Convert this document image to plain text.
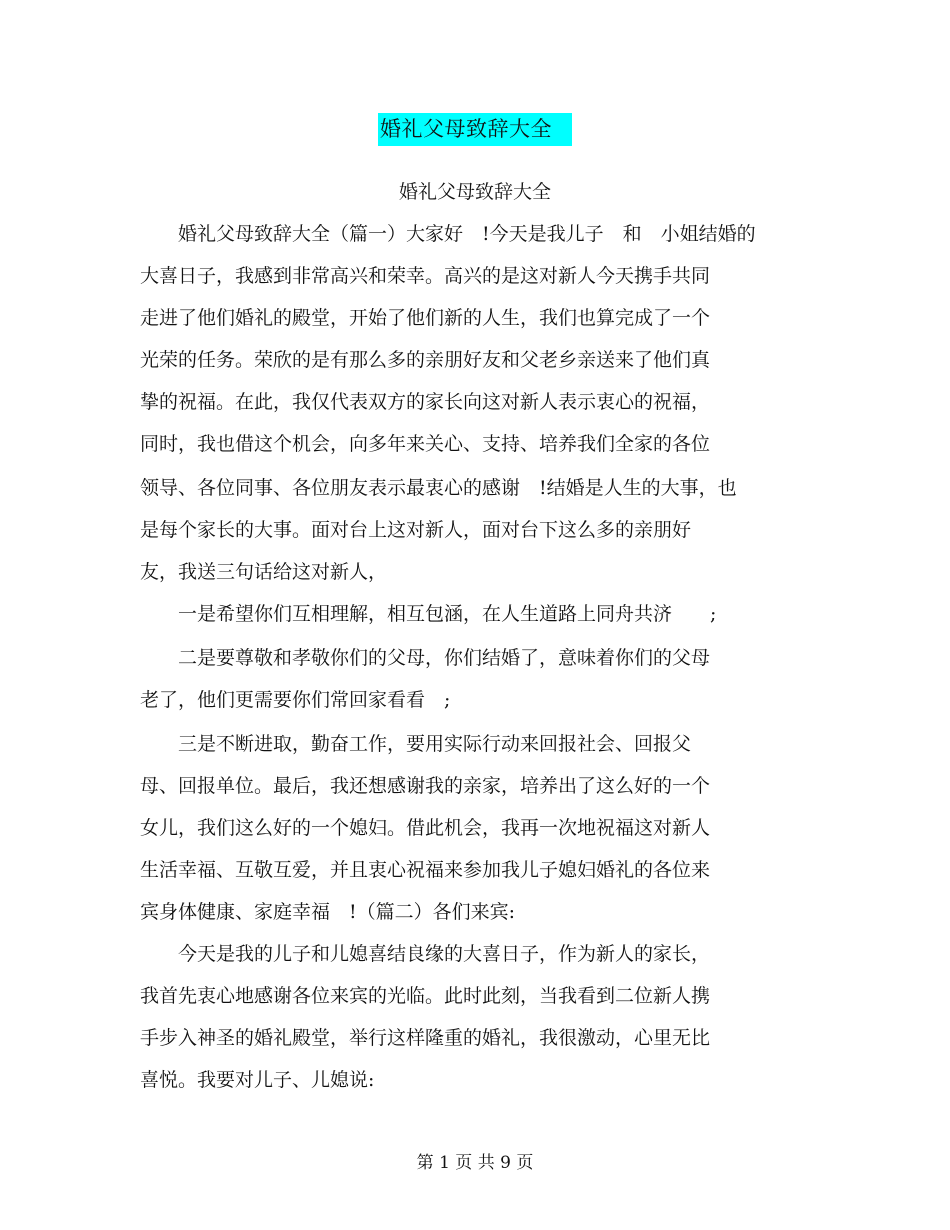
婚礼父母致辞大全
婚礼父母致辞大全
　　婚礼父母致辞大全（篇一）大家好　!今天是我儿子　和　小姐结婚的
大喜日子，我感到非常高兴和荣幸。高兴的是这对新人今天携手共同
走进了他们婚礼的殿堂，开始了他们新的人生，我们也算完成了一个
光荣的任务。荣欣的是有那么多的亲朋好友和父老乡亲送来了他们真
挚的祝福。在此，我仅代表双方的家长向这对新人表示衷心的祝福，
同时，我也借这个机会，向多年来关心、支持、培养我们全家的各位
领导、各位同事、各位朋友表示最衷心的感谢　!结婚是人生的大事，也
是每个家长的大事。面对台上这对新人，面对台下这么多的亲朋好
友，我送三句话给这对新人，
　　一是希望你们互相理解，相互包涵，在人生道路上同舟共济　　;
　　二是要尊敬和孝敬你们的父母，你们结婚了，意味着你们的父母
老了，他们更需要你们常回家看看　;
　　三是不断进取，勤奋工作，要用实际行动来回报社会、回报父
母、回报单位。最后，我还想感谢我的亲家，培养出了这么好的一个
女儿，我们这么好的一个媳妇。借此机会，我再一次地祝福这对新人
生活幸福、互敬互爱，并且衷心祝福来参加我儿子媳妇婚礼的各位来
宾身体健康、家庭幸福　!（篇二）各们来宾:
　　今天是我的儿子和儿媳喜结良缘的大喜日子，作为新人的家长，
我首先衷心地感谢各位来宾的光临。此时此刻，当我看到二位新人携
手步入神圣的婚礼殿堂，举行这样隆重的婚礼，我很激动，心里无比
喜悦。我要对儿子、儿媳说:
第 1 页 共 9 页
